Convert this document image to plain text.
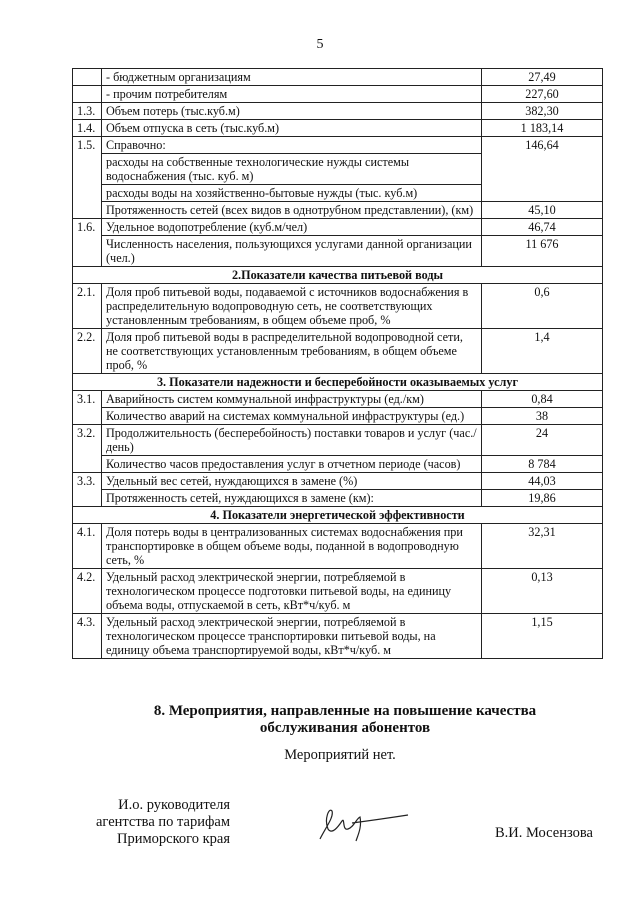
5
	- бюджетным организациям	27,49
	- прочим потребителям	227,60
1.3.	Объем потерь (тыс.куб.м)	382,30
1.4.	Объем отпуска в сеть (тыс.куб.м)	1 183,14
1.5.	Справочно:	146,64
	расходы на собственные технологические нужды системы водоснабжения (тыс. куб. м)	
	расходы воды на хозяйственно-бытовые нужды (тыс. куб.м)	
	Протяженность сетей (всех видов в однотрубном представлении), (км)	45,10
1.6.	Удельное водопотребление (куб.м/чел)	46,74
	Численность населения, пользующихся услугами данной организации (чел.)	11 676
2.Показатели качества питьевой воды		
2.1.	Доля проб питьевой воды, подаваемой с источников водоснабжения в распределительную водопроводную сеть, не соответствующих установленным требованиям, в общем объеме проб, %	0,6
2.2.	Доля проб питьевой воды в распределительной водопроводной сети, не соответствующих установленным требованиям, в общем объеме проб, %	1,4
3. Показатели надежности и бесперебойности оказываемых услуг		
3.1.	Аварийность систем коммунальной инфраструктуры (ед./км)	0,84
	Количество аварий на системах коммунальной инфраструктуры (ед.)	38
3.2.	Продолжительность (бесперебойность) поставки товаров и услуг (час./день)	24
	Количество часов предоставления услуг в отчетном периоде (часов)	8 784
3.3.	Удельный вес сетей, нуждающихся в замене (%)	44,03
	Протяженность сетей, нуждающихся в замене (км):	19,86
4. Показатели энергетической эффективности		
4.1.	Доля потерь воды в централизованных системах водоснабжения при транспортировке в общем объеме воды, поданной в водопроводную сеть, %	32,31
4.2.	Удельный расход электрической энергии, потребляемой в технологическом процессе подготовки питьевой воды, на единицу объема воды, отпускаемой в сеть, кВт*ч/куб. м	0,13
4.3.	Удельный расход электрической энергии, потребляемой в технологическом процессе транспортировки питьевой воды, на единицу объема транспортируемой воды, кВт*ч/куб. м	1,15
8. Мероприятия, направленные на повышение качества
обслуживания абонентов
Мероприятий нет.
И.о. руководителя
агентства по тарифам
Приморского края	В.И. Мосензова
